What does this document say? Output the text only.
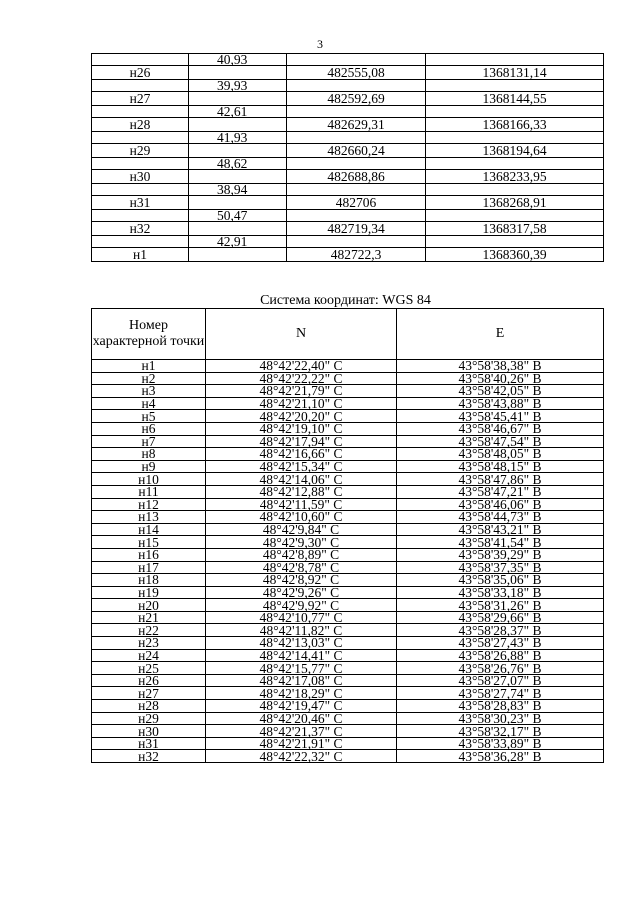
3
	40,93		
н26		482555,08	1368131,14
	39,93		
н27		482592,69	1368144,55
	42,61		
н28		482629,31	1368166,33
	41,93		
н29		482660,24	1368194,64
	48,62		
н30		482688,86	1368233,95
	38,94		
н31		482706	1368268,91
	50,47		
н32		482719,34	1368317,58
	42,91		
н1		482722,3	1368360,39
Система координат: WGS 84
Номер характерной точки	N	E
н1	48°42'22,40" С	43°58'38,38" В
н2	48°42'22,22" С	43°58'40,26" В
н3	48°42'21,79" С	43°58'42,05" В
н4	48°42'21,10" С	43°58'43,88" В
н5	48°42'20,20" С	43°58'45,41" В
н6	48°42'19,10" С	43°58'46,67" В
н7	48°42'17,94" С	43°58'47,54" В
н8	48°42'16,66" С	43°58'48,05" В
н9	48°42'15,34" С	43°58'48,15" В
н10	48°42'14,06" С	43°58'47,86" В
н11	48°42'12,88" С	43°58'47,21" В
н12	48°42'11,59" С	43°58'46,06" В
н13	48°42'10,60" С	43°58'44,73" В
н14	48°42'9,84" С	43°58'43,21" В
н15	48°42'9,30" С	43°58'41,54" В
н16	48°42'8,89" С	43°58'39,29" В
н17	48°42'8,78" С	43°58'37,35" В
н18	48°42'8,92" С	43°58'35,06" В
н19	48°42'9,26" С	43°58'33,18" В
н20	48°42'9,92" С	43°58'31,26" В
н21	48°42'10,77" С	43°58'29,66" В
н22	48°42'11,82" С	43°58'28,37" В
н23	48°42'13,03" С	43°58'27,43" В
н24	48°42'14,41" С	43°58'26,88" В
н25	48°42'15,77" С	43°58'26,76" В
н26	48°42'17,08" С	43°58'27,07" В
н27	48°42'18,29" С	43°58'27,74" В
н28	48°42'19,47" С	43°58'28,83" В
н29	48°42'20,46" С	43°58'30,23" В
н30	48°42'21,37" С	43°58'32,17" В
н31	48°42'21,91" С	43°58'33,89" В
н32	48°42'22,32" С	43°58'36,28" В
